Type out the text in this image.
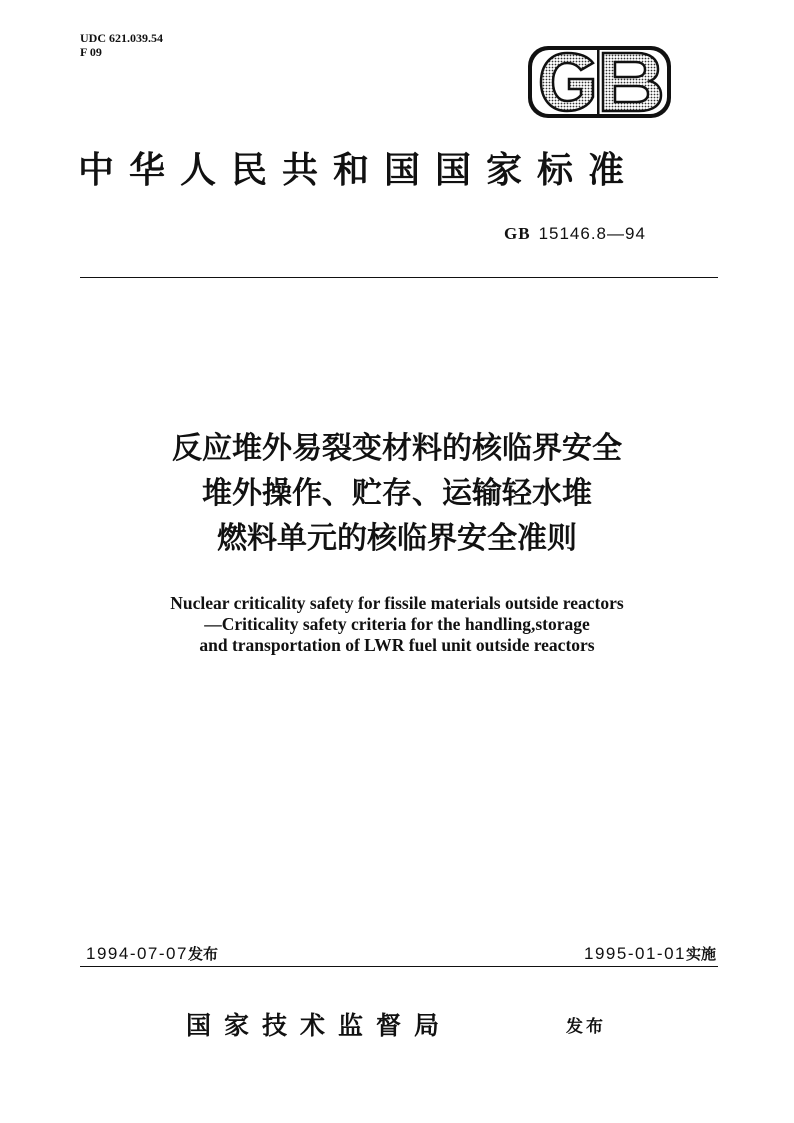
UDC 621.039.54
F 09
中华人民共和国国家标准
GB 15146.8—94
反应堆外易裂变材料的核临界安全
堆外操作、贮存、运输轻水堆
燃料单元的核临界安全准则
Nuclear criticality safety for fissile materials outside reactors
—Criticality safety criteria for the handling,storage
and transportation of LWR fuel unit outside reactors
1994-07-07发布	1995-01-01实施
国家技术监督局	发布
